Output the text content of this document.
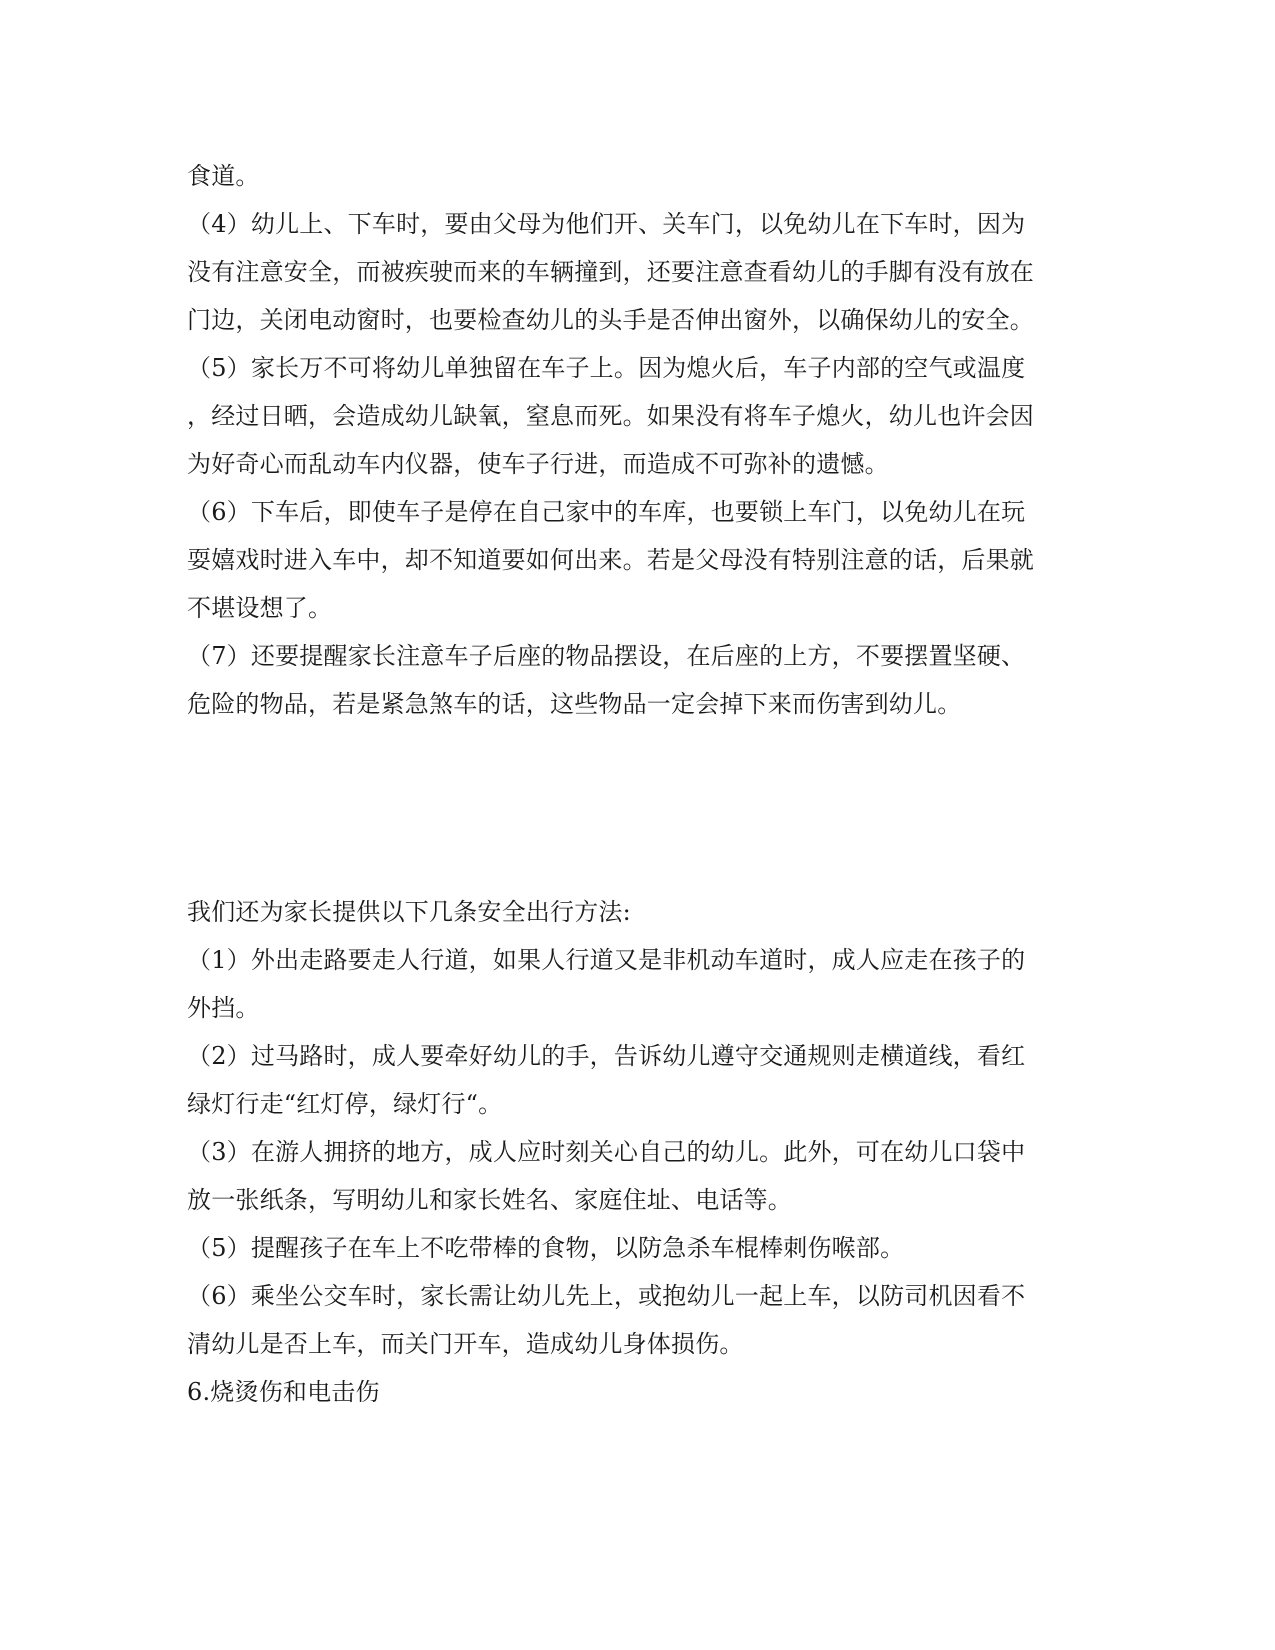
食道。
（4）幼儿上、下车时，要由父母为他们开、关车门，以免幼儿在下车时，因为
没有注意安全，而被疾驶而来的车辆撞到，还要注意查看幼儿的手脚有没有放在
门边，关闭电动窗时，也要检查幼儿的头手是否伸出窗外，以确保幼儿的安全。
（5）家长万不可将幼儿单独留在车子上。因为熄火后，车子内部的空气或温度
，经过日晒，会造成幼儿缺氧，窒息而死。如果没有将车子熄火，幼儿也许会因
为好奇心而乱动车内仪器，使车子行进，而造成不可弥补的遗憾。
（6）下车后，即使车子是停在自己家中的车库，也要锁上车门，以免幼儿在玩
耍嬉戏时进入车中，却不知道要如何出来。若是父母没有特别注意的话，后果就
不堪设想了。
（7）还要提醒家长注意车子后座的物品摆设，在后座的上方，不要摆置坚硬、
危险的物品，若是紧急煞车的话，这些物品一定会掉下来而伤害到幼儿。
我们还为家长提供以下几条安全出行方法:
（1）外出走路要走人行道，如果人行道又是非机动车道时，成人应走在孩子的
外挡。
（2）过马路时，成人要牵好幼儿的手，告诉幼儿遵守交通规则走横道线，看红
绿灯行走“红灯停，绿灯行“。
（3）在游人拥挤的地方，成人应时刻关心自己的幼儿。此外，可在幼儿口袋中
放一张纸条，写明幼儿和家长姓名、家庭住址、电话等。
（5）提醒孩子在车上不吃带棒的食物，以防急杀车棍棒刺伤喉部。
（6）乘坐公交车时，家长需让幼儿先上，或抱幼儿一起上车，以防司机因看不
清幼儿是否上车，而关门开车，造成幼儿身体损伤。
6.烧烫伤和电击伤
